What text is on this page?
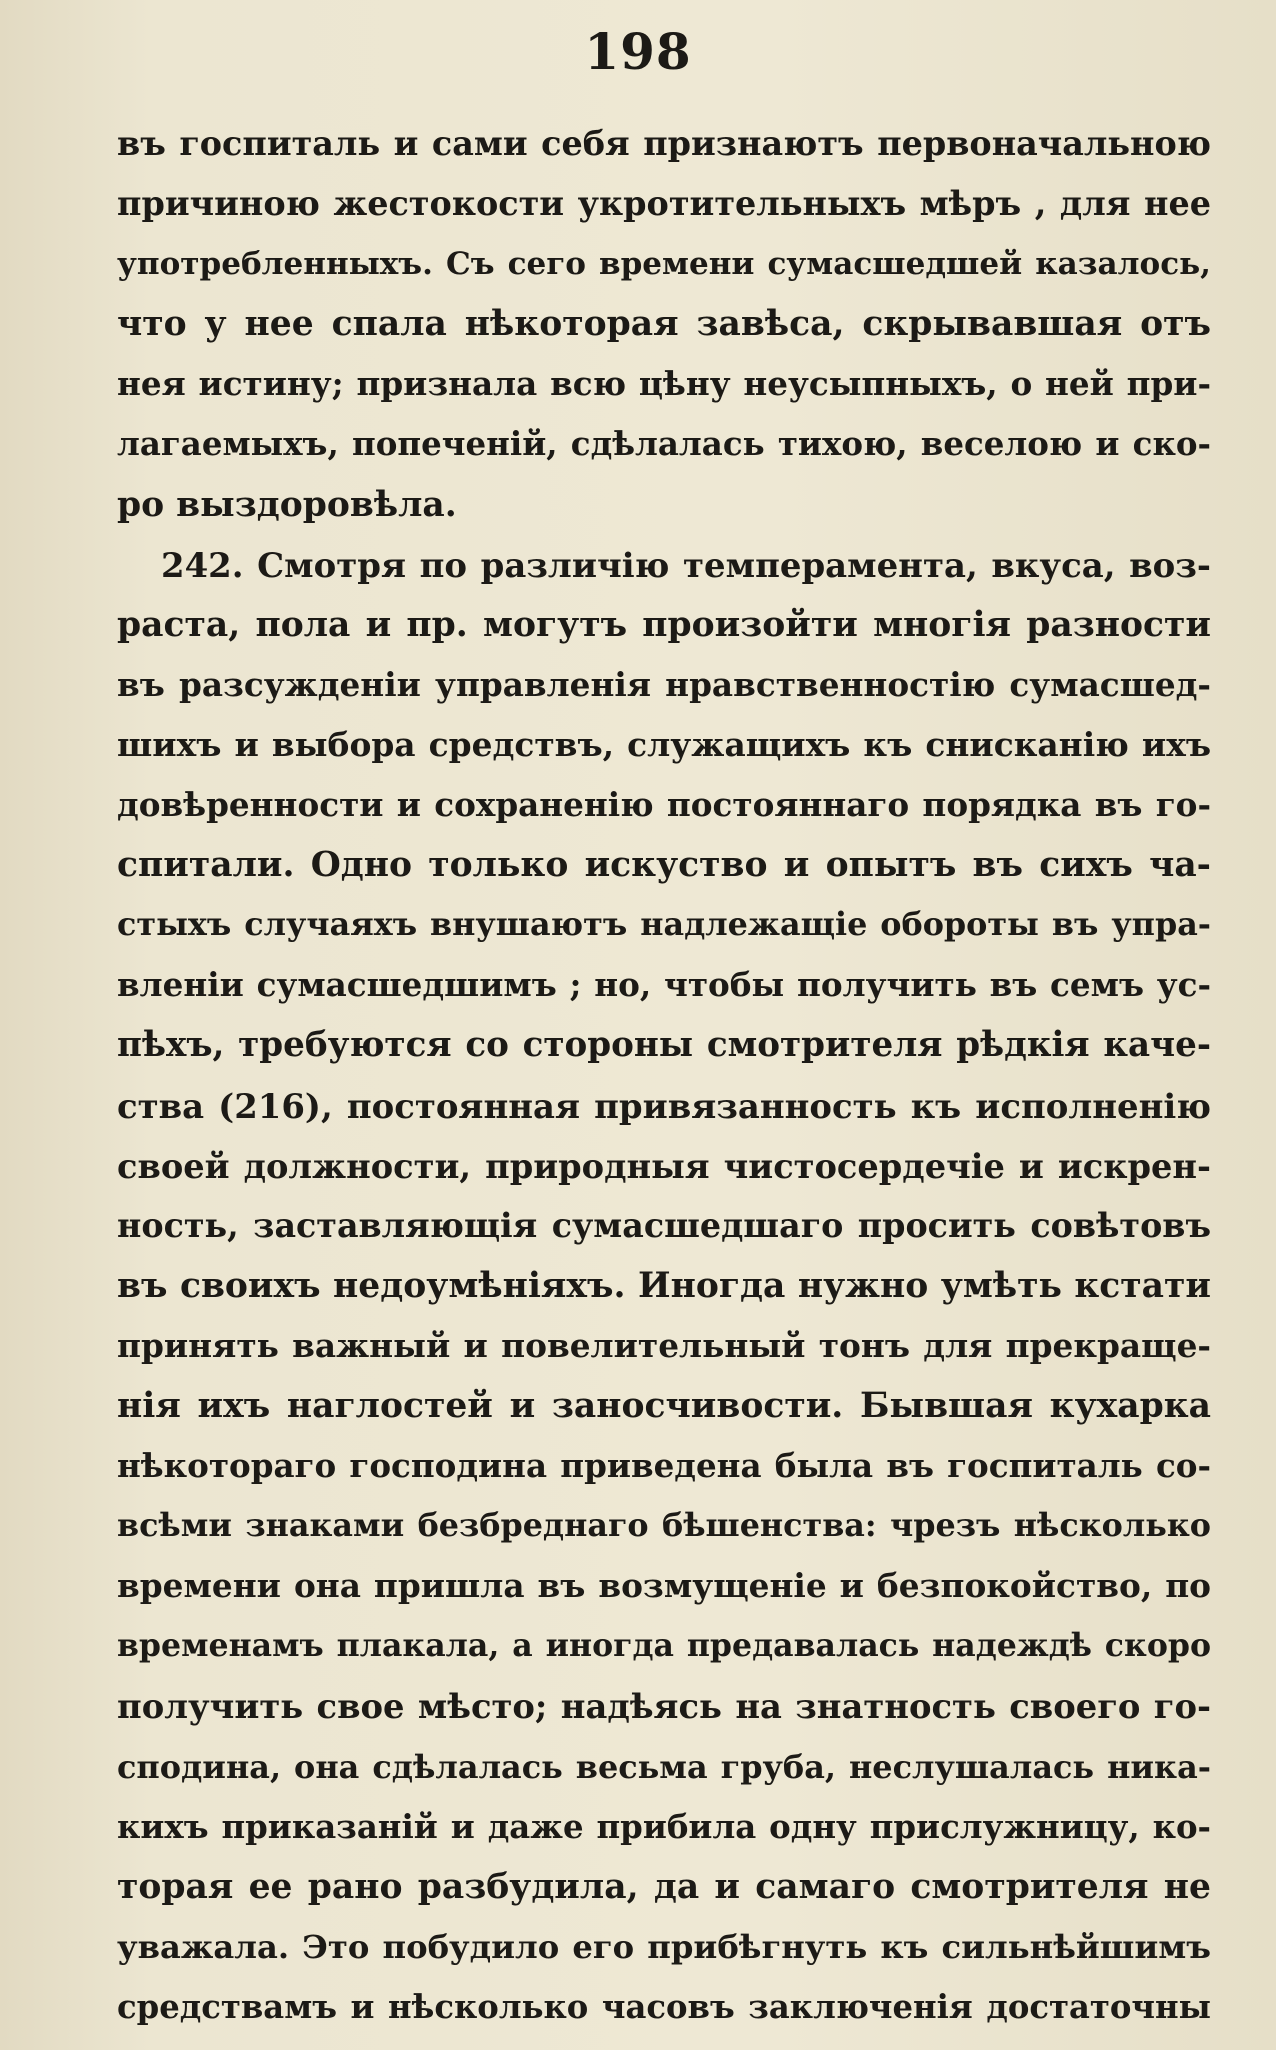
198
въ госпиталь и сами себя признаютъ первоначальною
причиною жестокости укротительныхъ мѣръ , для нее
употребленныхъ. Съ сего времени сумасшедшей казалось,
что у нее спала нѣкоторая завѣса, скрывавшая отъ
нея истину; признала всю цѣну неусыпныхъ, о ней при-
лагаемыхъ, попеченій, сдѣлалась тихою, веселою и ско-
ро выздоровѣла.
242. Смотря по различію темперамента, вкуса, воз-
раста, пола и пр. могутъ произойти многія разности
въ разсужденіи управленія нравственностію сумасшед-
шихъ и выбора средствъ, служащихъ къ снисканію ихъ
довѣренности и сохраненію постояннаго порядка въ го-
спитали. Одно только искуство и опытъ въ сихъ ча-
стыхъ случаяхъ внушаютъ надлежащіе обороты въ упра-
вленіи сумасшедшимъ ; но, чтобы получить въ семъ ус-
пѣхъ, требуются со стороны смотрителя рѣдкія каче-
ства (216), постоянная привязанность къ исполненію
своей должности, природныя чистосердечіе и искрен-
ность, заставляющія сумасшедшаго просить совѣтовъ
въ своихъ недоумѣніяхъ. Иногда нужно умѣть кстати
принять важный и повелительный тонъ для прекраще-
нія ихъ наглостей и заносчивости. Бывшая кухарка
нѣкотораго господина приведена была въ госпиталь со-
всѣми знаками безбреднаго бѣшенства: чрезъ нѣсколько
времени она пришла въ возмущеніе и безпокойство, по
временамъ плакала, а иногда предавалась надеждѣ скоро
получить свое мѣсто; надѣясь на знатность своего го-
сподина, она сдѣлалась весьма груба, неслушалась ника-
кихъ приказаній и даже прибила одну прислужницу, ко-
торая ее рано разбудила, да и самаго смотрителя не
уважала. Это побудило его прибѣгнуть къ сильнѣйшимъ
средствамъ и нѣсколько часовъ заключенія достаточны
